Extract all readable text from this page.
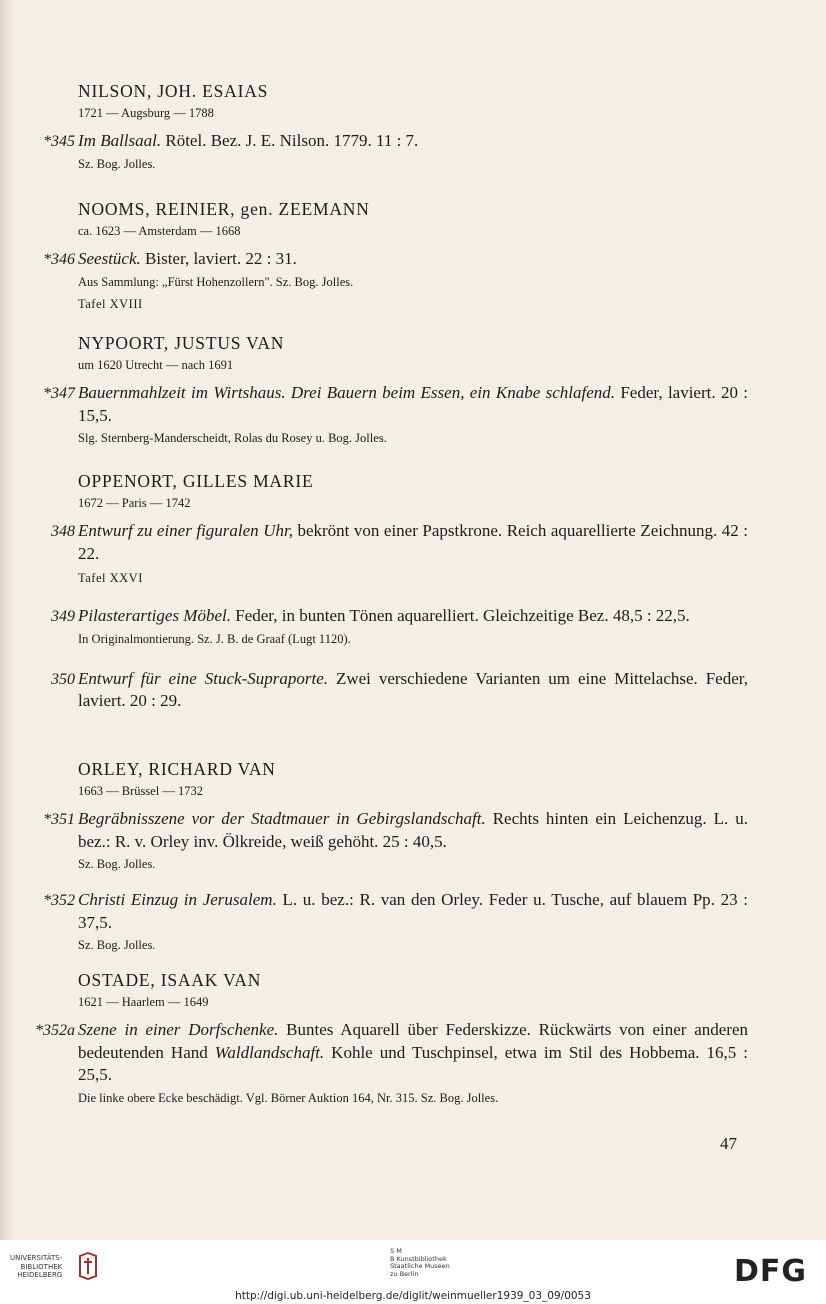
NILSON, JOH. ESAIAS
1721 — Augsburg — 1788
*345 Im Ballsaal. Rötel. Bez. J. E. Nilson. 1779. 11 : 7.
Sz. Bog. Jolles.
NOOMS, REINIER, gen. ZEEMANN
ca. 1623 — Amsterdam — 1668
*346 Seestück. Bister, laviert. 22 : 31.
Aus Sammlung: „Fürst Hohenzollern". Sz. Bog. Jolles.
Tafel XVIII
NYPOORT, JUSTUS VAN
um 1620 Utrecht — nach 1691
*347 Bauernmahlzeit im Wirtshaus. Drei Bauern beim Essen, ein Knabe schlafend. Feder, laviert. 20 : 15,5.
Slg. Sternberg-Manderscheidt, Rolas du Rosey u. Bog. Jolles.
OPPENORT, GILLES MARIE
1672 — Paris — 1742
348 Entwurf zu einer figuralen Uhr, bekrönt von einer Papstkrone. Reich aquarellierte Zeichnung. 42 : 22.
Tafel XXVI
349 Pilasterartiges Möbel. Feder, in bunten Tönen aquarelliert. Gleichzeitige Bez. 48,5 : 22,5.
In Originalmontierung. Sz. J. B. de Graaf (Lugt 1120).
350 Entwurf für eine Stuck-Supraporte. Zwei verschiedene Varianten um eine Mittelachse. Feder, laviert. 20 : 29.
ORLEY, RICHARD VAN
1663 — Brüssel — 1732
*351 Begräbnisszene vor der Stadtmauer in Gebirgslandschaft. Rechts hinten ein Leichenzug. L. u. bez.: R. v. Orley inv. Ölkreide, weiß gehöht. 25 : 40,5.
Sz. Bog. Jolles.
*352 Christi Einzug in Jerusalem. L. u. bez.: R. van den Orley. Feder u. Tusche, auf blauem Pp. 23 : 37,5.
Sz. Bog. Jolles.
OSTADE, ISAAK VAN
1621 — Haarlem — 1649
*352a Szene in einer Dorfschenke. Buntes Aquarell über Federskizze. Rückwärts von einer anderen bedeutenden Hand Waldlandschaft. Kohle und Tuschpinsel, etwa im Stil des Hobbema. 16,5 : 25,5.
Die linke obere Ecke beschädigt. Vgl. Börner Auktion 164, Nr. 315. Sz. Bog. Jolles.
47
UNIVERSITÄTS-
BIBLIOTHEK
HEIDELBERG
S M
B Kunstbibliothek
Staatliche Museen
zu Berlin	DFG
http://digi.ub.uni-heidelberg.de/diglit/weinmueller1939_03_09/0053
